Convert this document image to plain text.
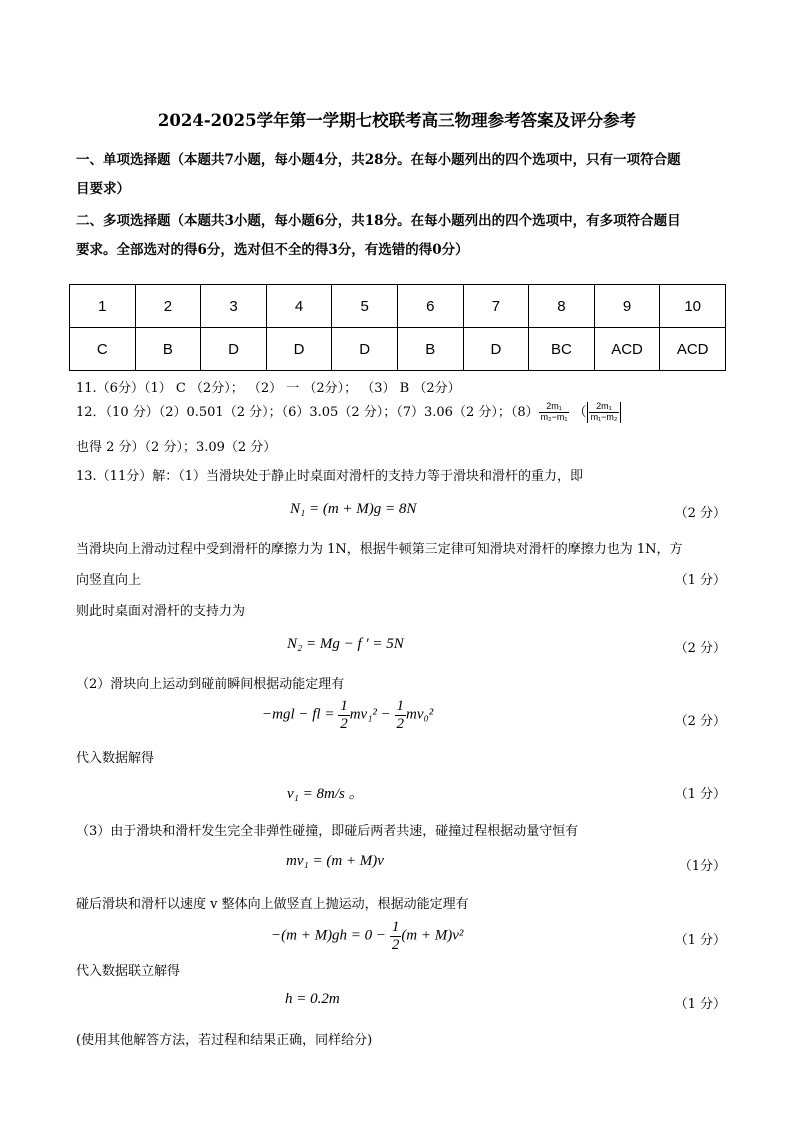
2024-2025学年第一学期七校联考高三物理参考答案及评分参考
一、单项选择题（本题共7小题，每小题4分，共28分。在每小题列出的四个选项中，只有一项符合题
目要求）
二、多项选择题（本题共3小题，每小题6分，共18分。在每小题列出的四个选项中，有多项符合题目
要求。全部选对的得6分，选对但不全的得3分，有选错的得0分）
1	2	3	4	5	6	7	8	9	10
C	B	D	D	D	B	D	BC	ACD	ACD
11.（6分）（1） C （2分）； （2） 一 （2分）； （3） B （2分）
12．（10 分）（2）0.501（2 分）；（6）3.05（2 分）；（7）3.06（2 分）；$(8) \frac{\text{2m₁}}{\text{m₂−m₁}}$ （ $\frac{\text{2m₁}}{\text{m₁−m₂}}$
也得 2 分）（2 分）；3.09（2 分）
13.（11分）解：（1）当滑块处于静止时桌面对滑杆的支持力等于滑块和滑杆的重力，即
N₁ = (m + M)g = 8N	（2 分）
当滑块向上滑动过程中受到滑杆的摩擦力为 1N，根据牛顿第三定律可知滑块对滑杆的摩擦力也为 1N，方
向竖直向上	（1 分）
则此时桌面对滑杆的支持力为
N₂ = Mg − f ' = 5N	（2 分）
（2）滑块向上运动到碰前瞬间根据动能定理有
−mgl − fl = $\frac{1}{2} mv_1^2 - \frac{1}{2} mv_0^2$	（2 分）
代入数据解得
v₁ = 8m/s 。	（1 分）
（3）由于滑块和滑杆发生完全非弹性碰撞，即碰后两者共速，碰撞过程根据动量守恒有
mv₁ = (m + M)v	（1分）
碰后滑块和滑杆以速度 v 整体向上做竖直上抛运动，根据动能定理有
$-(m + M)gh = 0 - \frac{1}{2} (m + M)v^2$	（1 分）
代入数据联立解得
h = 0.2m	（1 分）
(使用其他解答方法，若过程和结果正确，同样给分)
